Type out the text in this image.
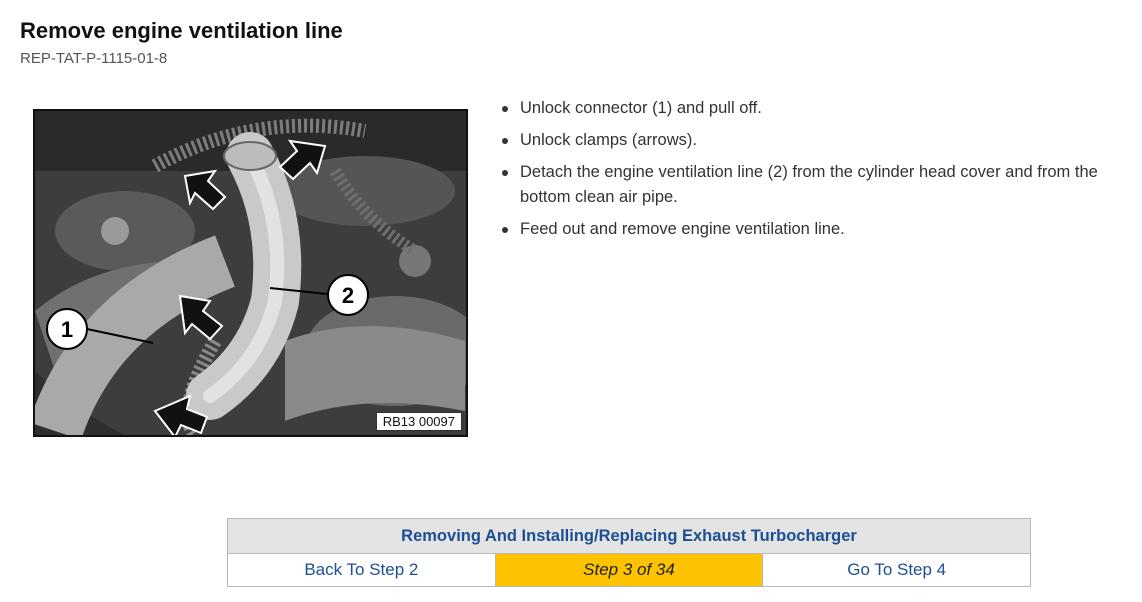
Remove engine ventilation line
REP-TAT-P-1115-01-8
1
2
RB13 00097
Unlock connector (1) and pull off.
Unlock clamps (arrows).
Detach the engine ventilation line (2) from the cylinder head cover and from the bottom clean air pipe.
Feed out and remove engine ventilation line.
Removing And Installing/Replacing Exhaust Turbocharger
Back To Step 2	Step 3 of 34	Go To Step 4
